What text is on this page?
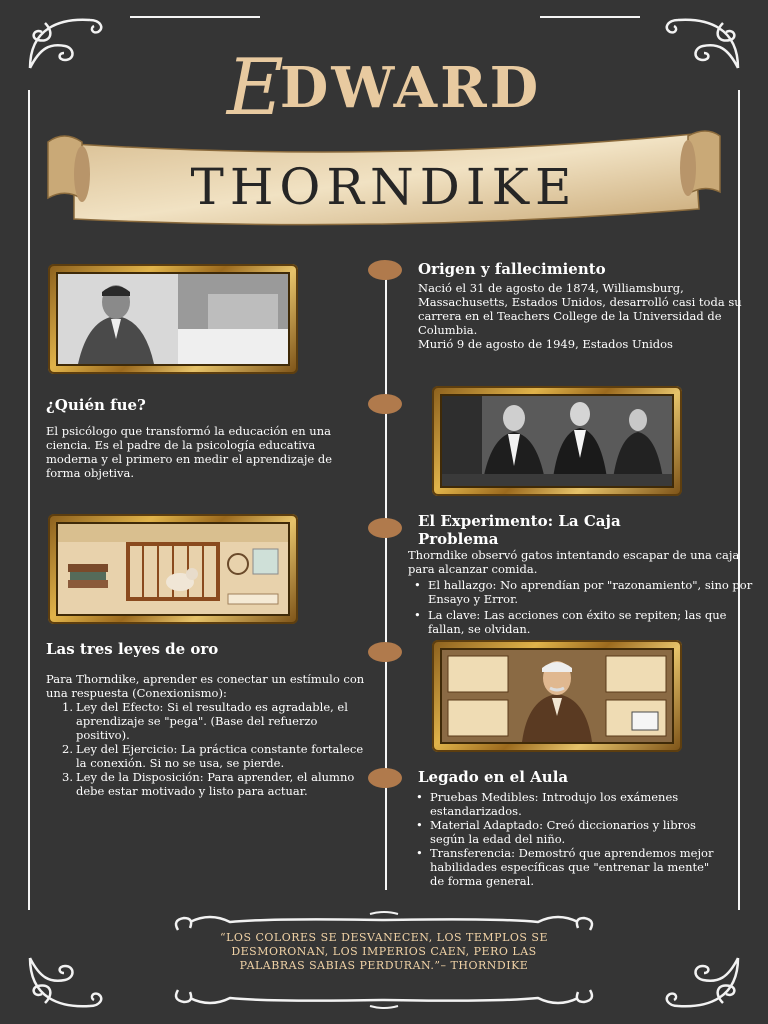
E DWARD
THORNDIKE
Origen y fallecimiento
Nació el 31 de agosto de 1874, Williamsburg, Massachusetts, Estados Unidos, desarrolló casi toda su carrera en el Teachers College de la Universidad de Columbia.
Murió 9 de agosto de 1949, Estados Unidos
¿Quién fue?
El psicólogo que transformó la educación en una ciencia. Es el padre de la psicología educativa moderna y el primero en medir el aprendizaje de forma objetiva.
El Experimento: La Caja Problema
Thorndike observó gatos intentando escapar de una caja para alcanzar comida.
• El hallazgo: No aprendían por "razonamiento", sino por Ensayo y Error.
• La clave: Las acciones con éxito se repiten; las que fallan, se olvidan.
Las tres leyes de oro
Para Thorndike, aprender es conectar un estímulo con una respuesta (Conexionismo):
1. Ley del Efecto: Si el resultado es agradable, el aprendizaje se "pega". (Base del refuerzo positivo).
2. Ley del Ejercicio: La práctica constante fortalece la conexión. Si no se usa, se pierde.
3. Ley de la Disposición: Para aprender, el alumno debe estar motivado y listo para actuar.
Legado en el Aula
• Pruebas Medibles: Introdujo los exámenes estandarizados.
• Material Adaptado: Creó diccionarios y libros según la edad del niño.
• Transferencia: Demostró que aprendemos mejor habilidades específicas que "entrenar la mente" de forma general.
“LOS COLORES SE DESVANECEN, LOS TEMPLOS SE DESMORONAN, LOS IMPERIOS CAEN, PERO LAS PALABRAS SABIAS PERDURAN.”– THORNDIKE
